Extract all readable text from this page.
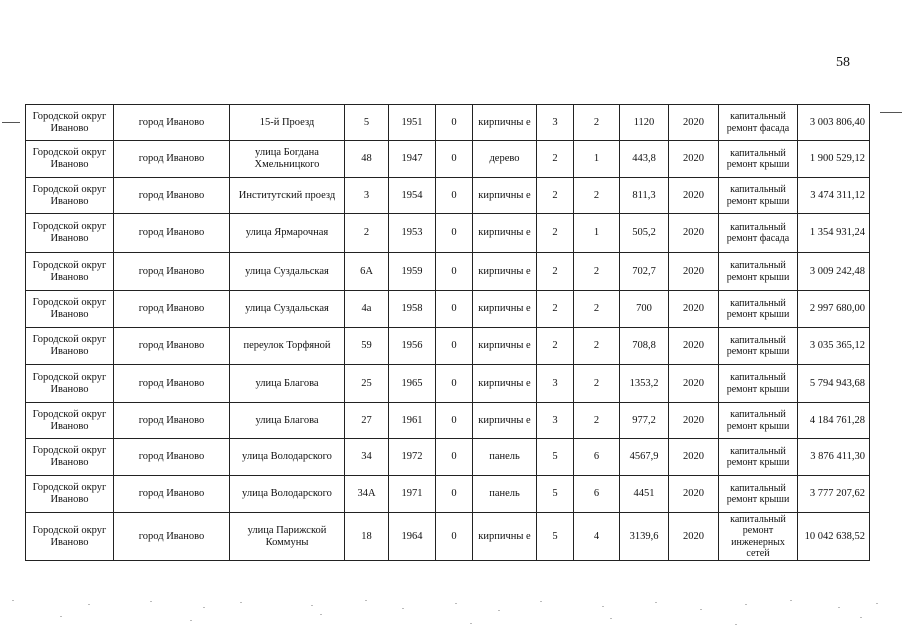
58
Городской округ Иваново	город Иваново	15-й Проезд	5	1951	0	кирпичны е	3	2	1120	2020	капитальный ремонт фасада	3 003 806,40
Городской округ Иваново	город Иваново	улица Богдана Хмельницкого	48	1947	0	дерево	2	1	443,8	2020	капитальный ремонт крыши	1 900 529,12
Городской округ Иваново	город Иваново	Институтский проезд	3	1954	0	кирпичны е	2	2	811,3	2020	капитальный ремонт крыши	3 474 311,12
Городской округ Иваново	город Иваново	улица Ярмарочная	2	1953	0	кирпичны е	2	1	505,2	2020	капитальный ремонт фасада	1 354 931,24
Городской округ Иваново	город Иваново	улица Суздальская	6А	1959	0	кирпичны е	2	2	702,7	2020	капитальный ремонт крыши	3 009 242,48
Городской округ Иваново	город Иваново	улица Суздальская	4а	1958	0	кирпичны е	2	2	700	2020	капитальный ремонт крыши	2 997 680,00
Городской округ Иваново	город Иваново	переулок Торфяной	59	1956	0	кирпичны е	2	2	708,8	2020	капитальный ремонт крыши	3 035 365,12
Городской округ Иваново	город Иваново	улица Благова	25	1965	0	кирпичны е	3	2	1353,2	2020	капитальный ремонт крыши	5 794 943,68
Городской округ Иваново	город Иваново	улица Благова	27	1961	0	кирпичны е	3	2	977,2	2020	капитальный ремонт крыши	4 184 761,28
Городской округ Иваново	город Иваново	улица Володарского	34	1972	0	панель	5	6	4567,9	2020	капитальный ремонт крыши	3 876 411,30
Городской округ Иваново	город Иваново	улица Володарского	34А	1971	0	панель	5	6	4451	2020	капитальный ремонт крыши	3 777 207,62
Городской округ Иваново	город Иваново	улица Парижской Коммуны	18	1964	0	кирпичны е	5	4	3139,6	2020	капитальный ремонт инженерных сетей	10 042 638,52
